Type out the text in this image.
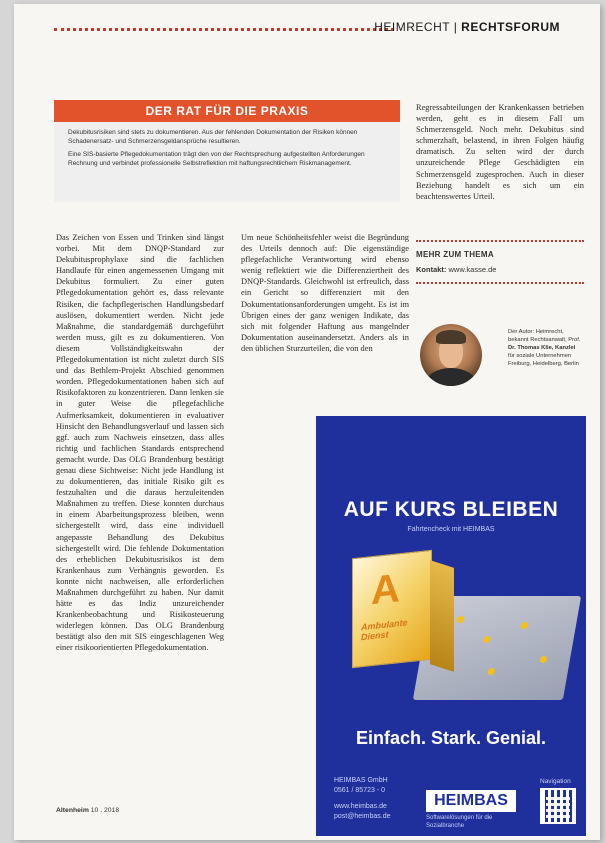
HEIMRECHT | RECHTSFORUM
DER RAT FÜR DIE PRAXIS

Dekubitusrisiken sind stets zu dokumentieren. Aus der fehlenden Dokumentation der Risiken können Schadenersatz- und Schmerzensgeldansprüche resultieren.

Eine SIS-basierte Pflegedokumentation trägt den von der Rechtsprechung aufgestellten Anforderungen Rechnung und verbindet professionelle Selbstreflektion mit haftungsrechtlichem Riskmanagement.

Das Zeichen von Essen und Trinken sind längst vorbei. Mit dem DNQP-Standard zur Dekubitusprophylaxe sind die fachlichen Handlaufe für einen angemessenen Umgang mit Dekubitus formuliert. Zu einer guten Pflegedokumentation gehört es, dass relevante Risiken, die fachpflegerischen Handlungsbedarf auslösen, dokumentiert werden. Nicht jede Maßnahme, die standardgemäß durchgeführt werden muss, gilt es zu dokumentieren. Von diesem Vollständigkeitswahn der Pflegedokumentation ist nicht zuletzt durch SIS und das Bethlem-Projekt Abschied genommen worden. Pflegedokumentationen haben sich auf Risikofaktoren zu konzentrieren. Dann lenken sie in guter Weise die pflegefachliche Aufmerksamkeit, dokumentieren in evaluativer Hinsicht den Behandlungsverlauf und lassen sich ggf. auch zum Nachweis einsetzen, dass alles richtig und fachlichen Standards entsprechend gemacht wurde. Das OLG Brandenburg bestätigt genau diese Sichtweise: Nicht jede Handlung ist zu dokumentieren, das initiale Risiko gilt es festzuhalten und die daraus herzuleitenden Maßnahmen zu treffen. Diese konnten durchaus in einem Abarbeitungsprozess bleiben, wenn sichergestellt wird, dass eine individuell angepasste Behandlung des Dekubitus sichergestellt wird. Die fehlende Dokumentation des erheblichen Dekubitusrisikos ist dem Krankenhaus zum Verhängnis geworden. Es konnte nicht nachweisen, alle erforderlichen Maßnahmen durchgeführt zu haben. Nur damit hätte es das Indiz unzureichender Krankenbeobachtung und Risikosteuerung widerlegen können. Das OLG Brandenburg bestätigt also den mit SIS eingeschlagenen Weg einer risikoorientierten Pflegedokumentation.
Um neue Schönheitsfehler weist die Begründung des Urteils dennoch auf: Die eigenständige pflegefachliche Verantwortung wird ebenso wenig reflektiert wie die Differenziertheit des DNQP-Standards. Gleichwohl ist erfreulich, dass ein Gericht so differenziert mit den Dokumentationsanforderungen umgeht. Es ist im Übrigen eines der ganz wenigen Indikate, das sich mit folgender Haftung aus mangelnder Dokumentation auseinandersetzt. Anders als in den üblichen Sturzurteilen, die von den
Regressabteilungen der Krankenkassen betrieben werden, geht es in diesem Fall um Schmerzensgeld. Noch mehr. Dekubitus sind schmerzhaft, belastend, in ihren Folgen häufig dramatisch. Zu selten wird der durch unzureichende Pflege Geschädigten ein Schmerzensgeld zugesprochen. Auch in dieser Beziehung handelt es sich um ein beachtenswertes Urteil.
MEHR ZUM THEMA
Kontakt: www.kasse.de
Der Autor: Heimrecht,
bekannt Rechtsanwalt, Prof.
Dr. Thomas Klie, Kanzlei
für soziale Unternehmen
Freiburg, Heidelberg, Berlin
AUF KURS BLEIBEN
Fahrtencheck mit HEIMBAS
A
Ambulante Dienst
Einfach. Stark. Genial.

HEIMBAS GmbH

0561 / 85723 - 0

www.heimbas.de

post@heimbas.de

HEIMBAS
Softwarelösungen für die Sozialbranche
Navigation
Altenheim 10 . 2018
